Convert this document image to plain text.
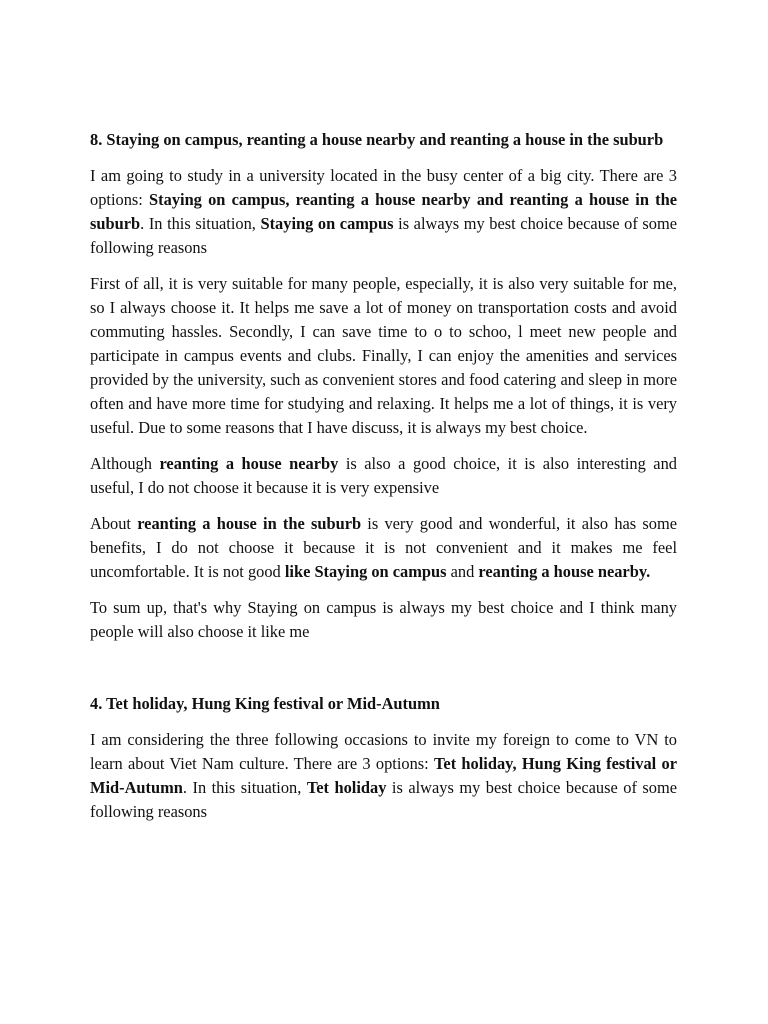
8. Staying on campus, reanting a house nearby and reanting a house in the suburb

I am going to study in a university located in the busy center of a big city. There are 3 options: Staying on campus, reanting a house nearby and reanting a house in the suburb. In this situation, Staying on campus is always my best choice because of some following reasons

First of all, it is very suitable for many people, especially, it is also very suitable for me, so I always choose it. It helps me save a lot of money on transportation costs and avoid commuting hassles. Secondly, I can save time to o to schoo, l meet new people and participate in campus events and clubs. Finally, I can enjoy the amenities and services provided by the university, such as convenient stores and food catering and sleep in more often and have more time for studying and relaxing. It helps me a lot of things, it is very useful. Due to some reasons that I have discuss, it is always my best choice.

Although reanting a house nearby is also a good choice, it is also interesting and useful, I do not choose it because it is very expensive

About reanting a house in the suburb is very good and wonderful, it also has some benefits, I do not choose it because it is not convenient and it makes me feel uncomfortable. It is not good like Staying on campus and reanting a house nearby.

To sum up, that's why Staying on campus is always my best choice and I think many people will also choose it like me

4. Tet holiday, Hung King festival or Mid-Autumn

I am considering the three following occasions to invite my foreign to come to VN to learn about Viet Nam culture. There are 3 options: Tet holiday, Hung King festival or Mid-Autumn. In this situation, Tet holiday is always my best choice because of some following reasons
